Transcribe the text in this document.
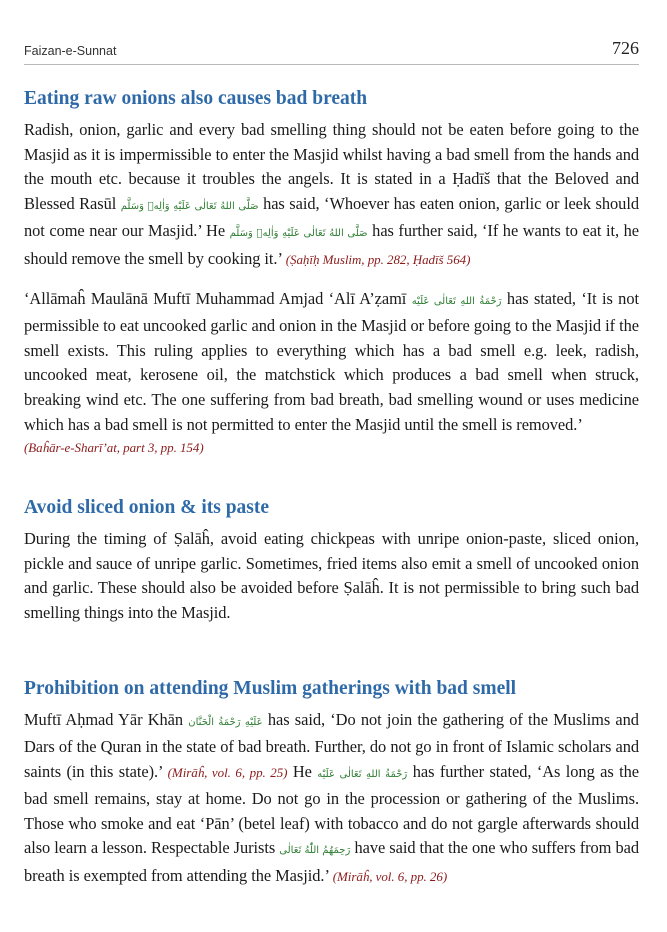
Faizan-e-Sunnat	726
Eating raw onions also causes bad breath

Radish, onion, garlic and every bad smelling thing should not be eaten before going to the Masjid as it is impermissible to enter the Masjid whilst having a bad smell from the hands and the mouth etc. because it troubles the angels. It is stated in a Ḥadīš that the Beloved and Blessed Rasūl صَلَّى اللهُ تَعَالٰى عَلَيْهِ وَاٰلِهٖ وَسَلَّم has said, ‘Whoever has eaten onion, garlic or leek should not come near our Masjid.’ He صَلَّى اللهُ تَعَالٰى عَلَيْهِ وَاٰلِهٖ وَسَلَّم has further said, ‘If he wants to eat it, he should remove the smell by cooking it.’ (Ṣaḥīḥ Muslim, pp. 282, Ḥadīš 564)

‘Allāmaĥ Maulānā Muftī Muhammad Amjad ‘Alī A’ẓamī رَحْمَةُ اللهِ تَعَالٰى عَلَيْه has stated, ‘It is not permissible to eat uncooked garlic and onion in the Masjid or before going to the Masjid if the smell exists. This ruling applies to everything which has a bad smell e.g. leek, radish, uncooked meat, kerosene oil, the matchstick which produces a bad smell when struck, breaking wind etc. The one suffering from bad breath, bad smelling wound or uses medicine which has a bad smell is not permitted to enter the Masjid until the smell is removed.’
(Baĥār-e-Sharī’at, part 3, pp. 154)

Avoid sliced onion & its paste

During the timing of Ṣalāĥ, avoid eating chickpeas with unripe onion-paste, sliced onion, pickle and sauce of unripe garlic. Sometimes, fried items also emit a smell of uncooked onion and garlic. These should also be avoided before Ṣalāĥ. It is not permissible to bring such bad smelling things into the Masjid.

Prohibition on attending Muslim gatherings with bad smell

Muftī Aḥmad Yār Khān عَلَيْهِ رَحْمَةُ الْحَنَّان has said, ‘Do not join the gathering of the Muslims and Dars of the Quran in the state of bad breath. Further, do not go in front of Islamic scholars and saints (in this state).’ (Mirāĥ, vol. 6, pp. 25) He رَحْمَةُ اللهِ تَعَالٰى عَلَيْه has further stated, ‘As long as the bad smell remains, stay at home. Do not go in the procession or gathering of the Muslims. Those who smoke and eat ‘Pān’ (betel leaf) with tobacco and do not gargle afterwards should also learn a lesson. Respectable Jurists رَحِمَهُمُ اللّٰهُ تَعَالٰى have said that the one who suffers from bad breath is exempted from attending the Masjid.’ (Mirāĥ, vol. 6, pp. 26)
